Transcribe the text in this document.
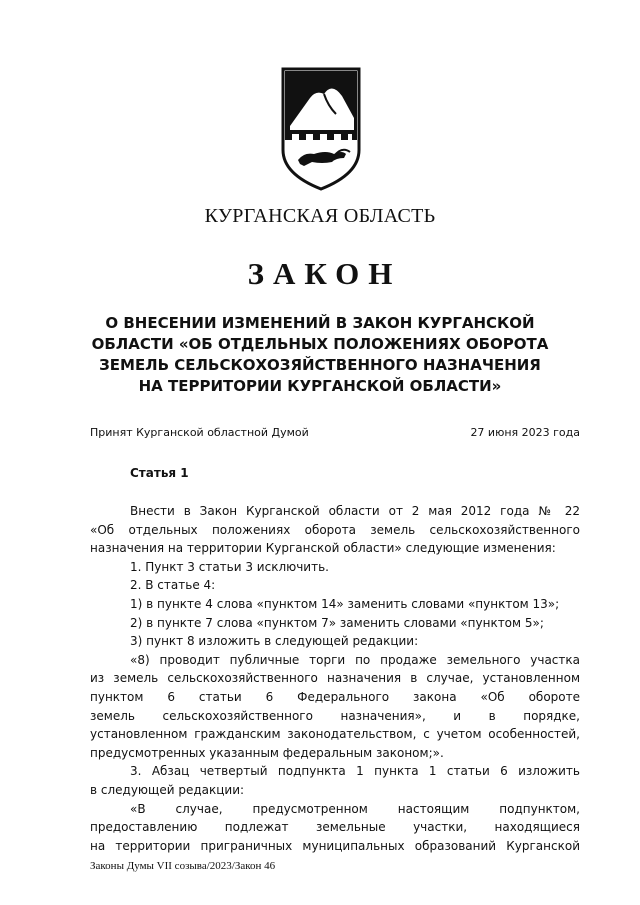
КУРГАНСКАЯ ОБЛАСТЬ
ЗАКОН
О ВНЕСЕНИИ ИЗМЕНЕНИЙ В ЗАКОН КУРГАНСКОЙ
ОБЛАСТИ «ОБ ОТДЕЛЬНЫХ ПОЛОЖЕНИЯХ ОБОРОТА
ЗЕМЕЛЬ СЕЛЬСКОХОЗЯЙСТВЕННОГО НАЗНАЧЕНИЯ
НА ТЕРРИТОРИИ КУРГАНСКОЙ ОБЛАСТИ»
Принят Курганской областной Думой	27 июня 2023 года
Статья 1
Внести в Закон Курганской области от 2 мая 2012 года № 22
«Об отдельных положениях оборота земель сельскохозяйственного
назначения на территории Курганской области» следующие изменения:
1. Пункт 3 статьи 3 исключить.
2. В статье 4:
1) в пункте 4 слова «пунктом 14» заменить словами «пунктом 13»;
2) в пункте 7 слова «пунктом 7» заменить словами «пунктом 5»;
3) пункт 8 изложить в следующей редакции:
«8) проводит публичные торги по продаже земельного участка
из земель сельскохозяйственного назначения в случае, установленном
пунктом 6 статьи 6 Федерального закона «Об обороте
земель сельскохозяйственного назначения», и в порядке,
установленном гражданским законодательством, с учетом особенностей,
предусмотренных указанным федеральным законом;».
3. Абзац четвертый подпункта 1 пункта 1 статьи 6 изложить
в следующей редакции:
«В случае, предусмотренном настоящим подпунктом,
предоставлению подлежат земельные участки, находящиеся
на территории приграничных муниципальных образований Курганской
Законы Думы VII созыва/2023/Закон 46
